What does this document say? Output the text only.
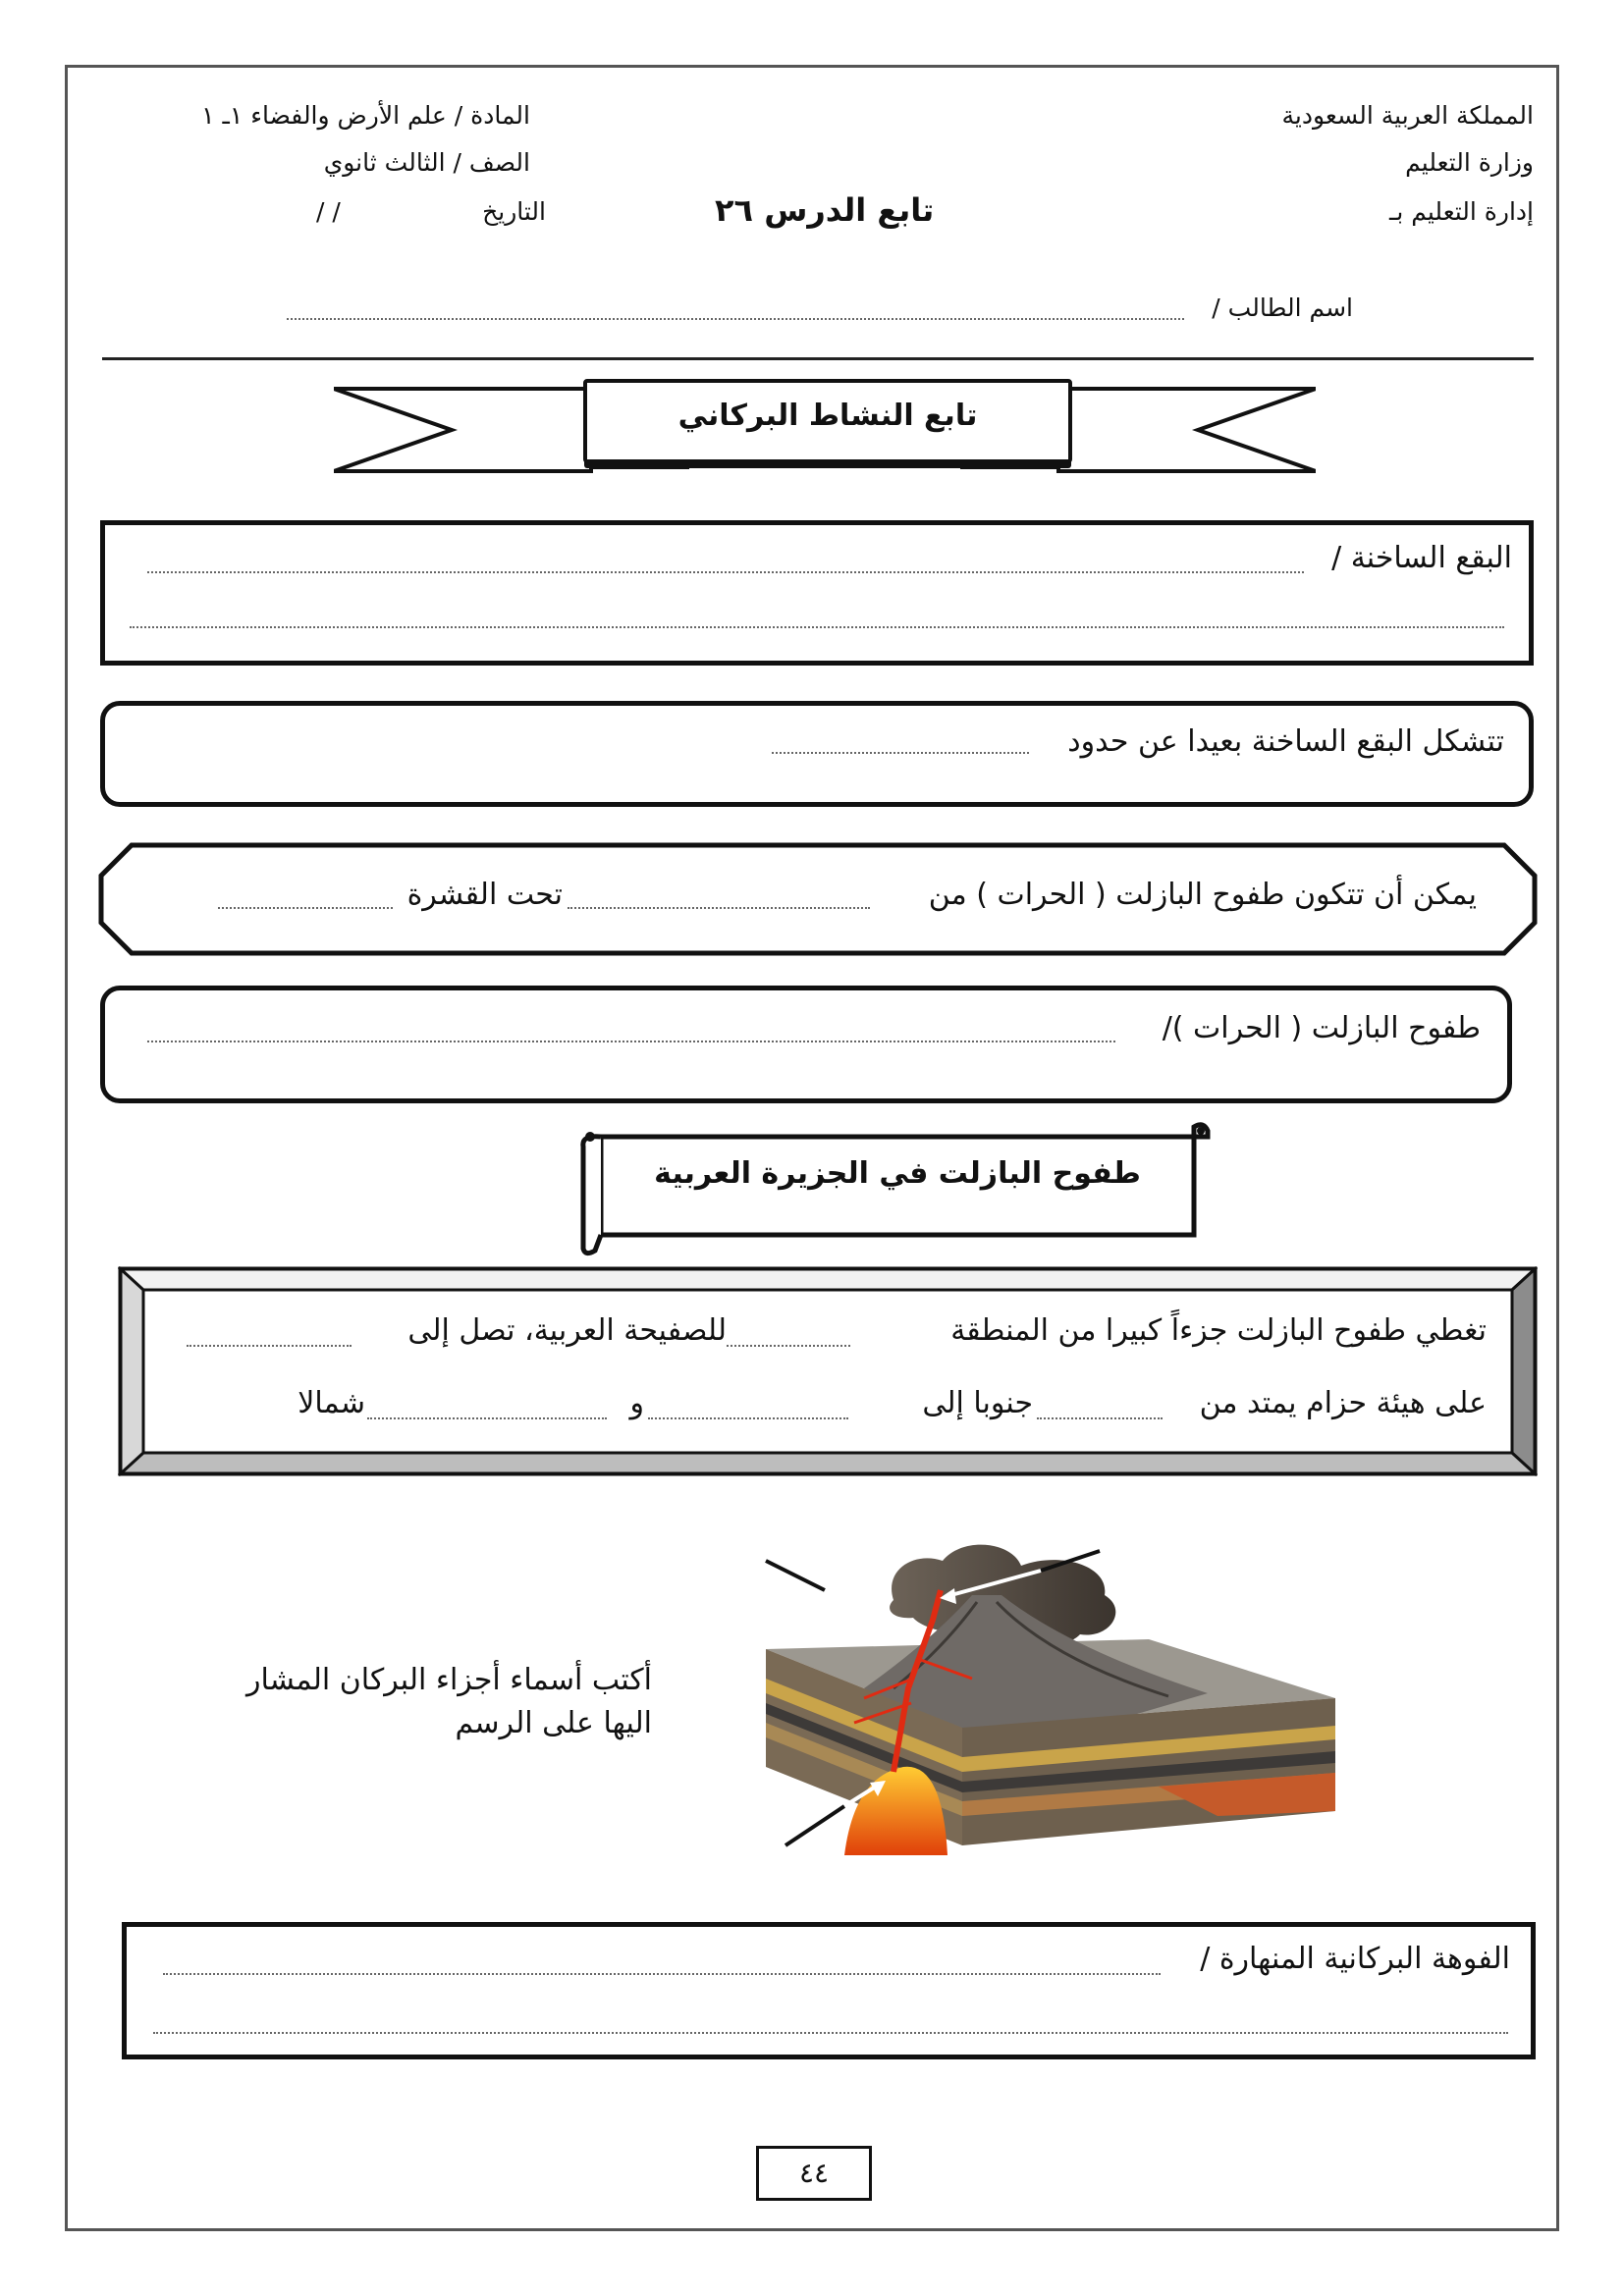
المملكة العربية السعودية
وزارة التعليم
إدارة التعليم بـ
المادة / علم الأرض والفضاء ١ـ ١
الصف / الثالث ثانوي
التاريخ
/ /	تابع الدرس ٢٦
اسم الطالب /
تابع النشاط البركاني
البقع الساخنة /
تتشكل البقع الساخنة بعيدا عن حدود
يمكن أن تتكون طفوح البازلت ( الحرات ) من
تحت القشرة
طفوح البازلت ( الحرات )/
طفوح البازلت في الجزيرة العربية
تغطي طفوح البازلت جزءاً كبيرا من المنطقة
للصفيحة العربية، تصل إلى
على هيئة حزام يمتد من
جنوبا إلى
و
شمالا
أكتب أسماء أجزاء البركان المشار
اليها على الرسم
الفوهة البركانية المنهارة /
٤٤
